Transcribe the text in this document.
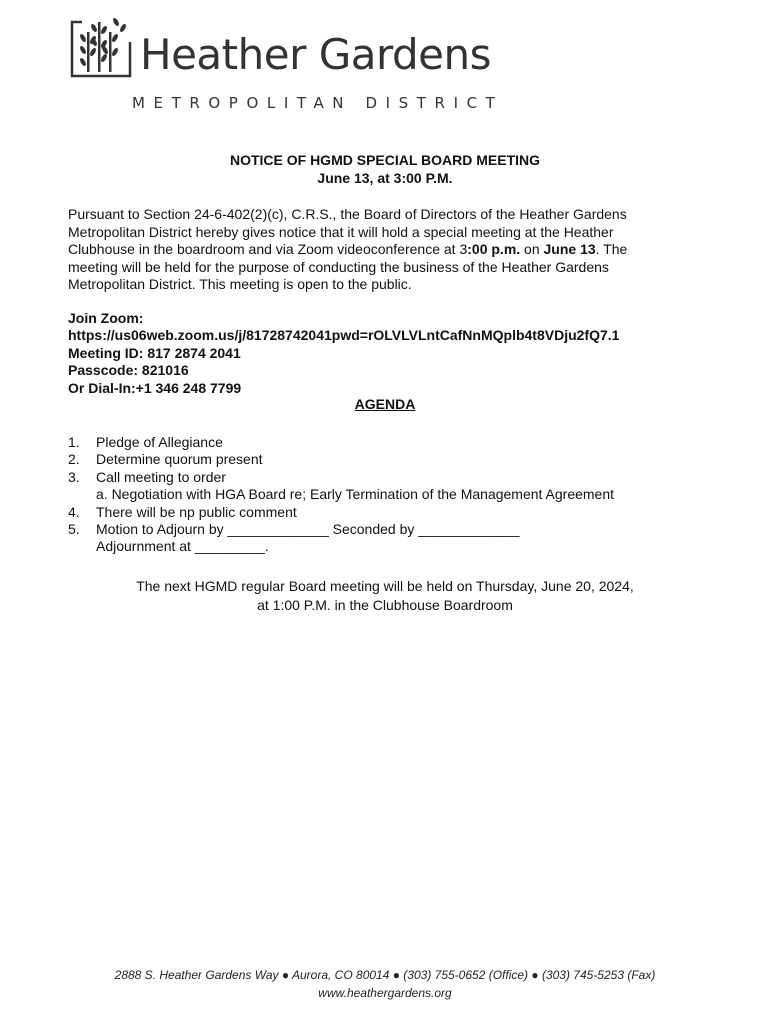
Heather Gardens
METROPOLITAN DISTRICT
NOTICE OF HGMD SPECIAL BOARD MEETING
June 13, at 3:00 P.M.
Pursuant to Section 24-6-402(2)(c), C.R.S., the Board of Directors of the Heather Gardens Metropolitan District hereby gives notice that it will hold a special meeting at the Heather Clubhouse in the boardroom and via Zoom videoconference at 3:00 p.m. on June 13. The meeting will be held for the purpose of conducting the business of the Heather Gardens Metropolitan District. This meeting is open to the public.
Join Zoom:
https://us06web.zoom.us/j/81728742041pwd=rOLVLVLntCafNnMQplb4t8VDju2fQ7.1
Meeting ID: 817 2874 2041
Passcode: 821016
Or Dial-In:+1 346 248 7799
AGENDA
1. Pledge of Allegiance
2. Determine quorum present
3. Call meeting to order
a. Negotiation with HGA Board re; Early Termination of the Management Agreement
4. There will be np public comment
5. Motion to Adjourn by _____________ Seconded by _____________
Adjournment at _________.
The next HGMD regular Board meeting will be held on Thursday, June 20, 2024,
at 1:00 P.M. in the Clubhouse Boardroom
2888 S. Heather Gardens Way ● Aurora, CO 80014 ● (303) 755-0652 (Office) ● (303) 745-5253 (Fax)
www.heathergardens.org
